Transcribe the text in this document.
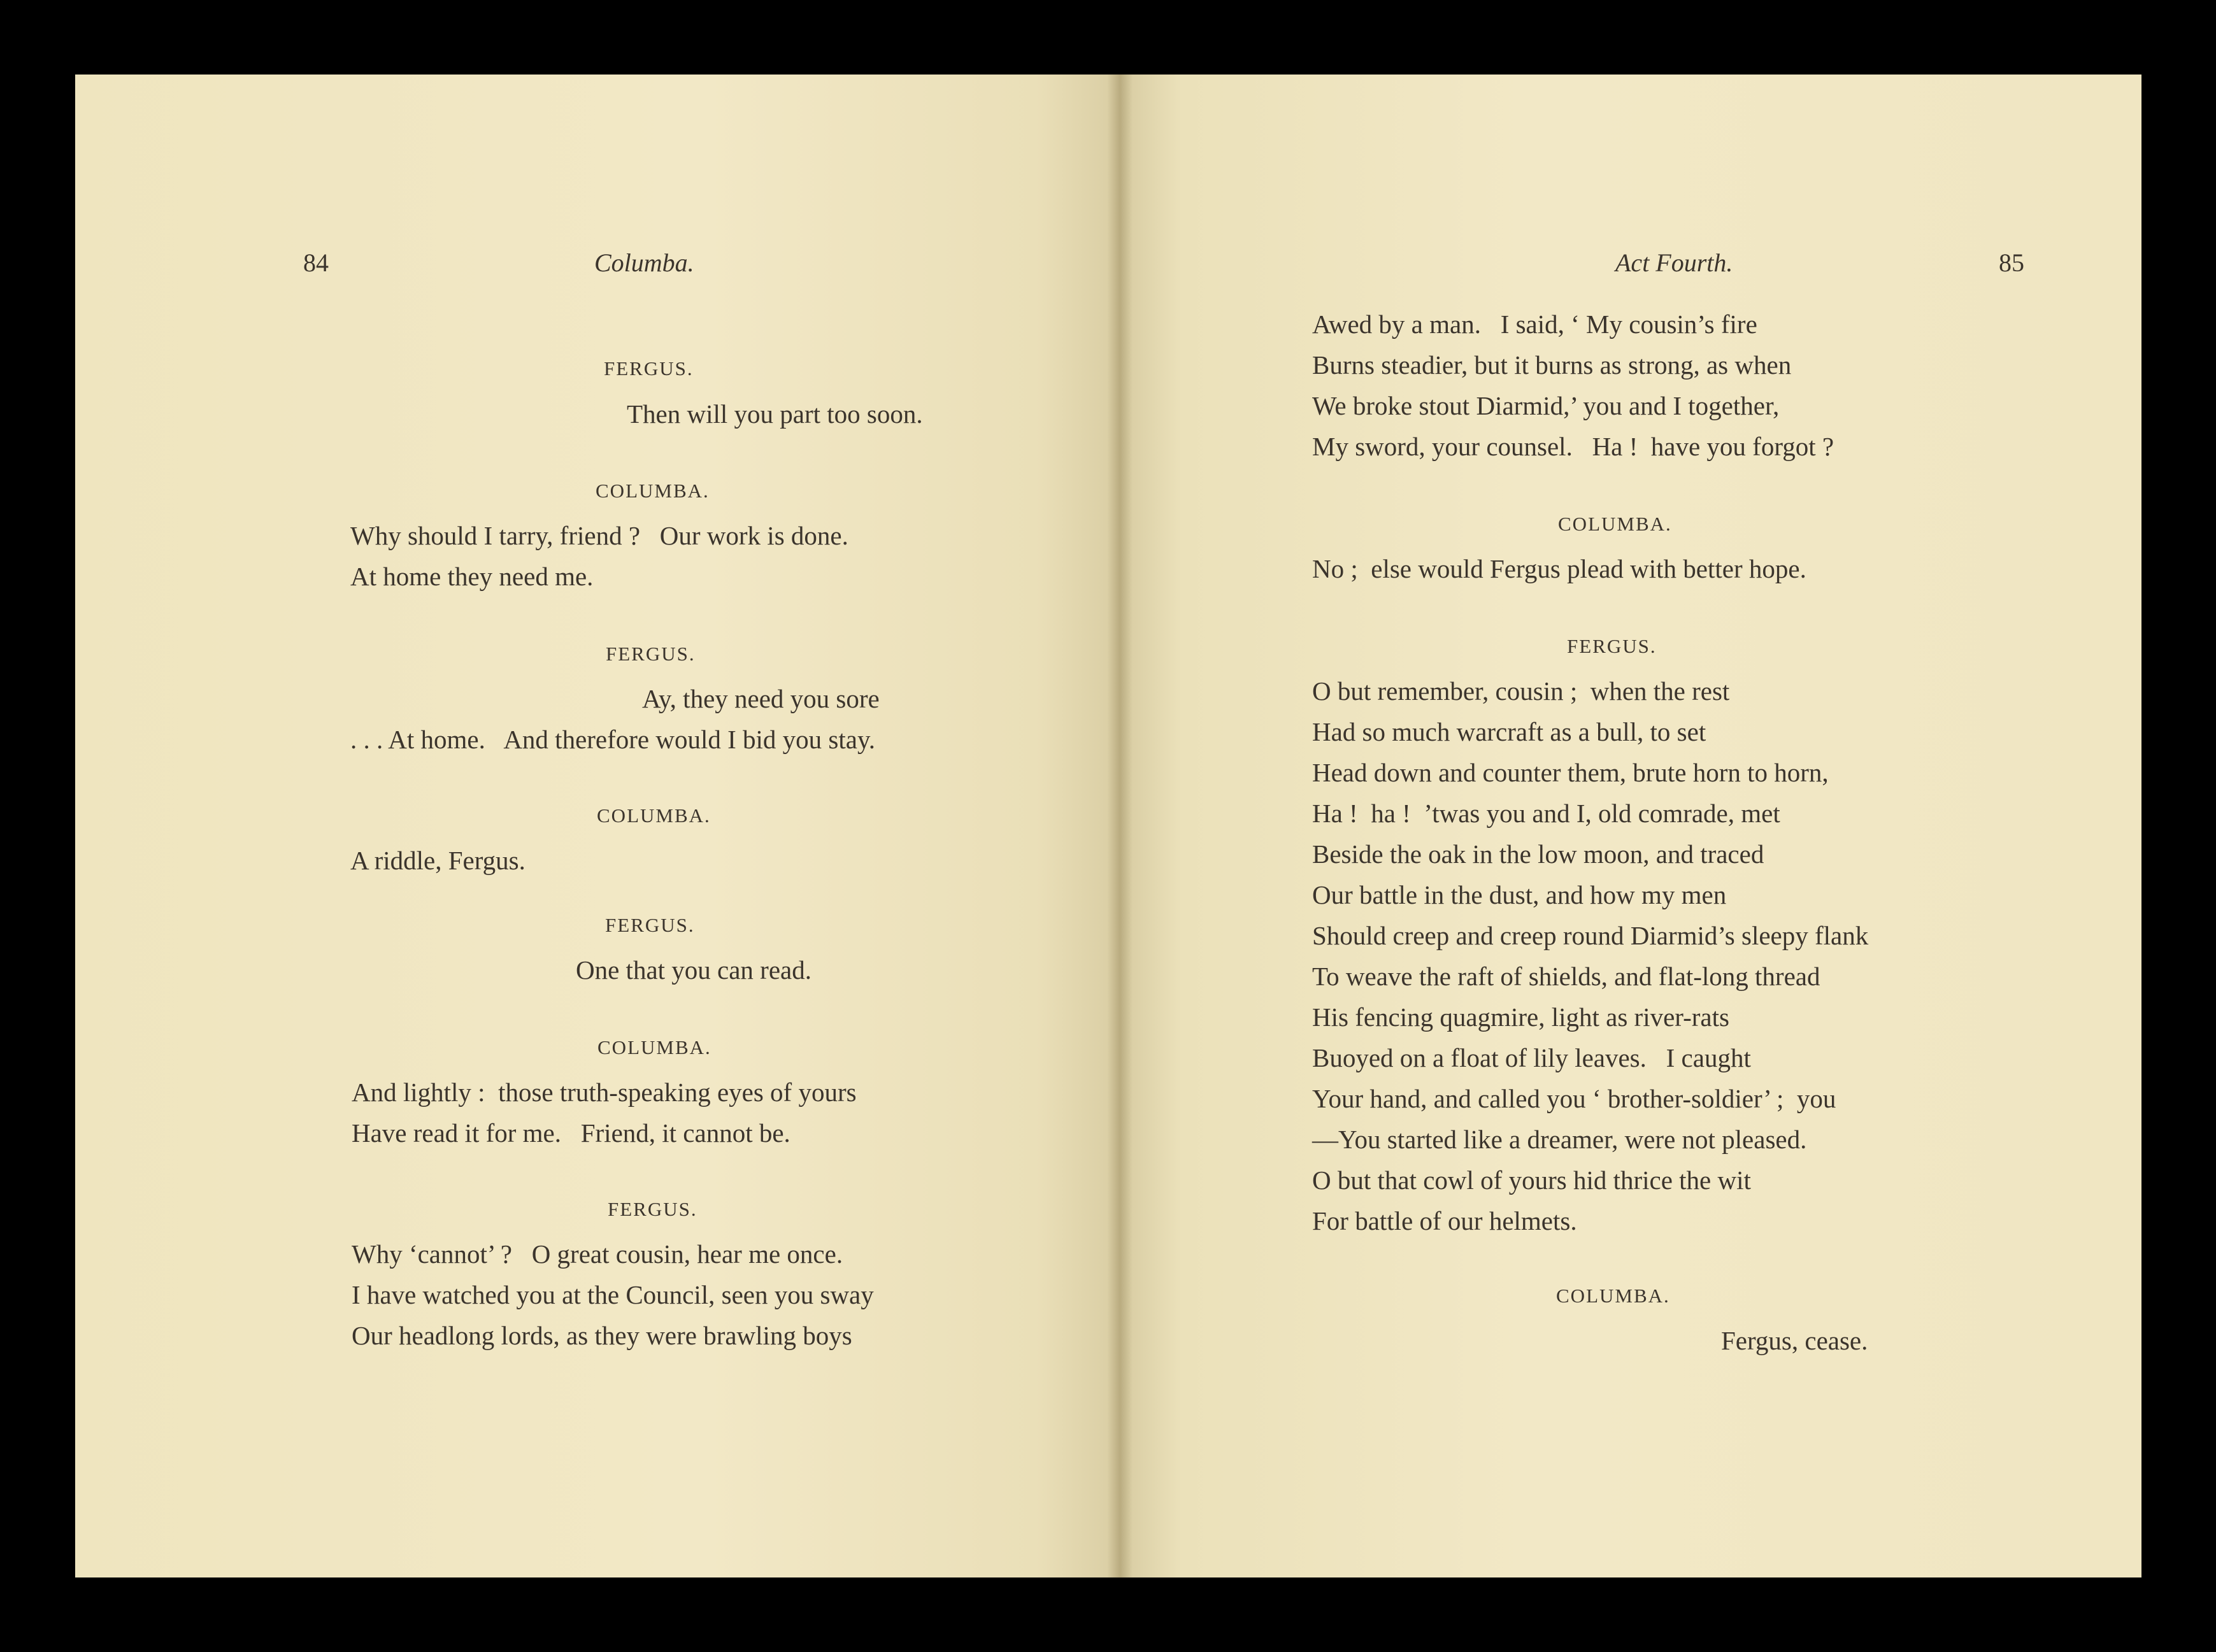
84	Columba.
FERGUS.
Then will you part too soon.
COLUMBA.
Why should I tarry, friend ?   Our work is done.
At home they need me.
FERGUS.
Ay, they need you sore
. . . At home.   And therefore would I bid you stay.
COLUMBA.
A riddle, Fergus.
FERGUS.
One that you can read.
COLUMBA.
And lightly :  those truth-speaking eyes of yours
Have read it for me.   Friend, it cannot be.
FERGUS.
Why ‘cannot’ ?   O great cousin, hear me once.
I have watched you at the Council, seen you sway
Our headlong lords, as they were brawling boys
Act Fourth.	85
Awed by a man.   I said, ‘ My cousin’s fire
Burns steadier, but it burns as strong, as when
We broke stout Diarmid,’ you and I together,
My sword, your counsel.   Ha !  have you forgot ?
COLUMBA.
No ;  else would Fergus plead with better hope.
FERGUS.
O but remember, cousin ;  when the rest
Had so much warcraft as a bull, to set
Head down and counter them, brute horn to horn,
Ha !  ha !  ’twas you and I, old comrade, met
Beside the oak in the low moon, and traced
Our battle in the dust, and how my men
Should creep and creep round Diarmid’s sleepy flank
To weave the raft of shields, and flat-long thread
His fencing quagmire, light as river-rats
Buoyed on a float of lily leaves.   I caught
Your hand, and called you ‘ brother-soldier’ ;  you
—You started like a dreamer, were not pleased.
O but that cowl of yours hid thrice the wit
For battle of our helmets.
COLUMBA.
Fergus, cease.
